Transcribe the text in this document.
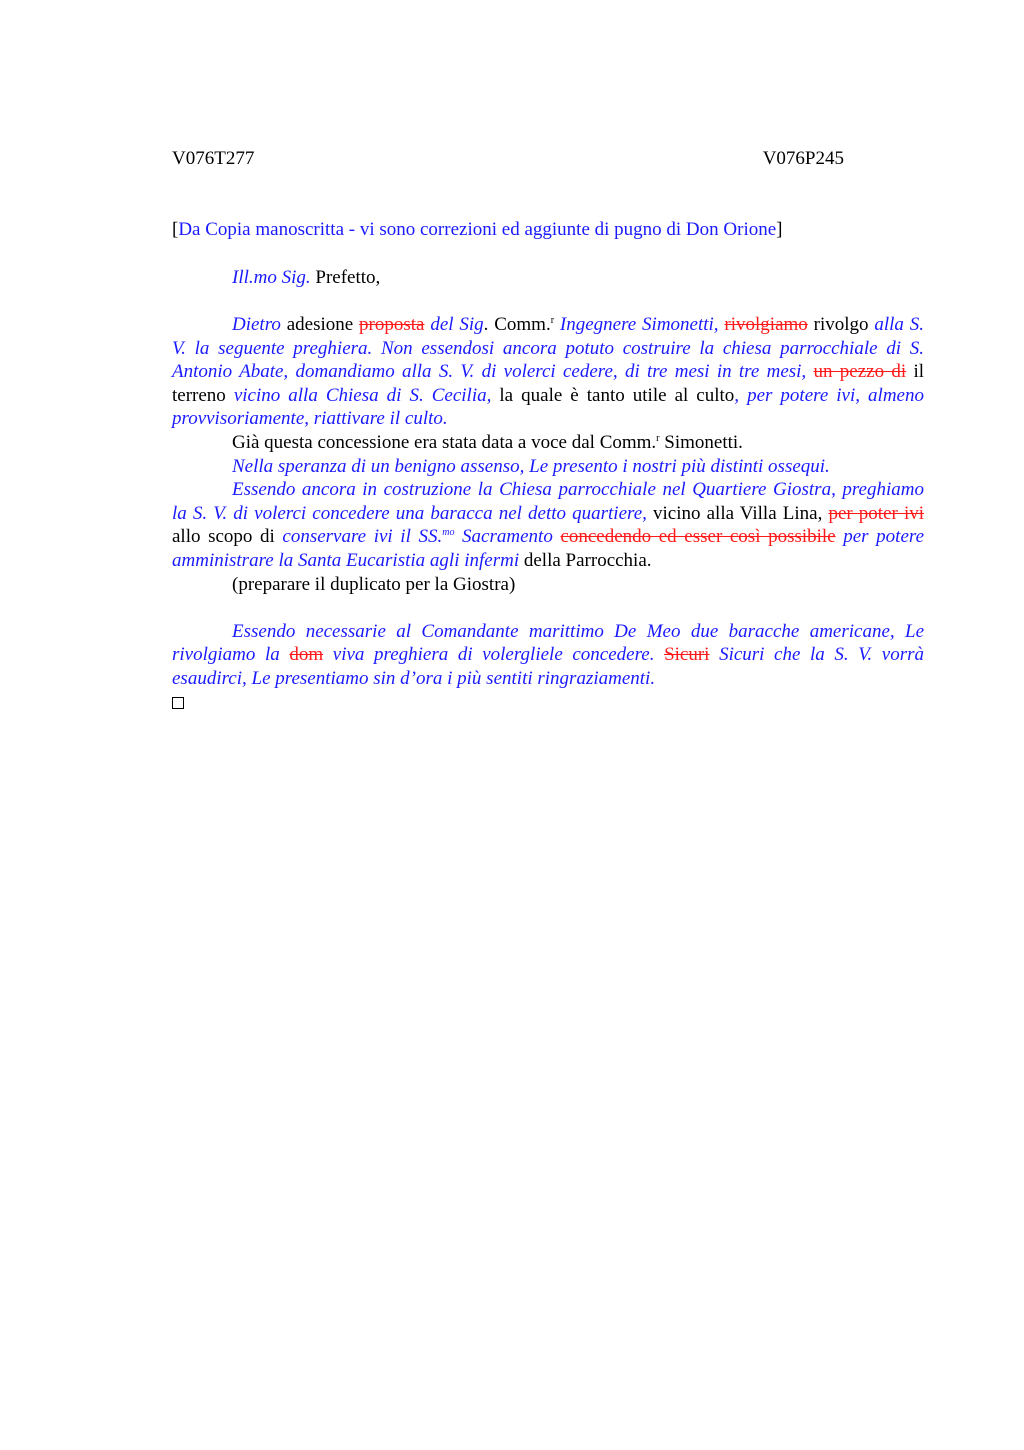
V076T277	V076P245
[Da Copia manoscritta - vi sono correzioni ed aggiunte di pugno di Don Orione]
Ill.mo Sig. Prefetto,

Dietro adesione proposta del Sig. Comm.$^r$ Ingegnere Simonetti, rivolgiamo rivolgo alla S. V. la seguente preghiera. Non essendosi ancora potuto costruire la chiesa parrocchiale di S. Antonio Abate, domandiamo alla S. V. di volerci cedere, di tre mesi in tre mesi, un pezzo di il terreno vicino alla Chiesa di S. Cecilia, la quale è tanto utile al culto, per potere ivi, almeno provvisoriamente, riattivare il culto.

Già questa concessione era stata data a voce dal Comm.$^r$ Simonetti.

Nella speranza di un benigno assenso, Le presento i nostri più distinti ossequi.

Essendo ancora in costruzione la Chiesa parrocchiale nel Quartiere Giostra, preghiamo la S. V. di volerci concedere una baracca nel detto quartiere, vicino alla Villa Lina, per poter ivi allo scopo di conservare ivi il SS.$^{mo}$ Sacramento concedendo ed esser così possibile per potere amministrare la Santa Eucaristia agli infermi della Parrocchia.

(preparare il duplicato per la Giostra)

Essendo necessarie al Comandante marittimo De Meo due baracche americane, Le rivolgiamo la dom viva preghiera di volergliele concedere. Sicuri Sicuri che la S. V. vorrà esaudirci, Le presentiamo sin d’ora i più sentiti ringraziamenti.
